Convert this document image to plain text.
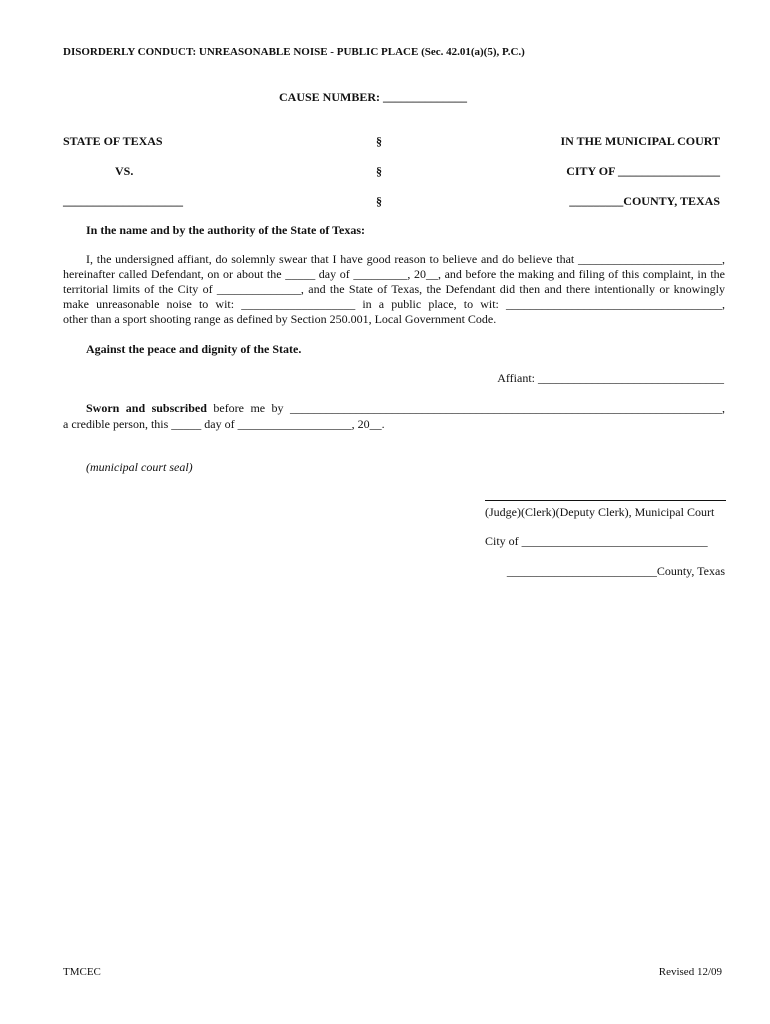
DISORDERLY CONDUCT: UNREASONABLE NOISE - PUBLIC PLACE (Sec. 42.01(a)(5), P.C.)
CAUSE NUMBER: ______________
STATE OF TEXAS
VS.
____________________
§
§
§
IN THE MUNICIPAL COURT
CITY OF _________________
_________COUNTY, TEXAS
In the name and by the authority of the State of Texas:
I, the undersigned affiant, do solemnly swear that I have good reason to believe and do believe that ________________________,
hereinafter called Defendant, on or about the _____ day of _________, 20__, and before the making and filing of this complaint, in the
territorial limits of the City of ______________, and the State of Texas, the Defendant did then and there intentionally or knowingly
make unreasonable noise to wit: ___________________ in a public place, to wit: ____________________________________,
other than a sport shooting range as defined by Section 250.001, Local Government Code.
Against the peace and dignity of the State.
Affiant: _______________________________
Sworn and subscribed before me by ________________________________________________________________________,
a credible person, this _____ day of ___________________, 20__.
(municipal court seal)
(Judge)(Clerk)(Deputy Clerk), Municipal Court
City of _______________________________
_________________________County, Texas
TMCEC	Revised 12/09
